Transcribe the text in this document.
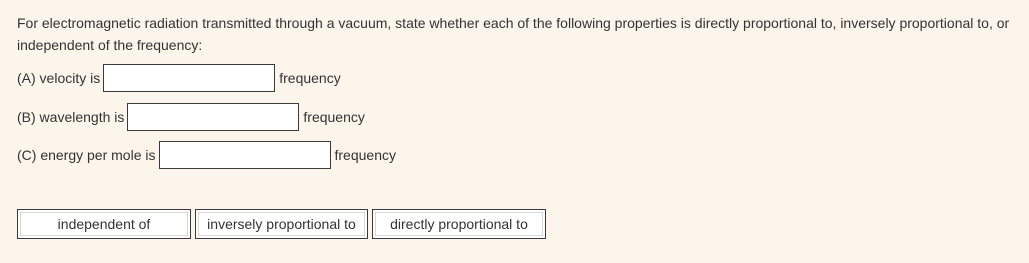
For electromagnetic radiation transmitted through a vacuum, state whether each of the following properties is directly proportional to, inversely proportional to, or independent of the frequency:

(A) velocity is	frequency
(B) wavelength is	frequency
(C) energy per mole is	frequency
independent of	inversely proportional to	directly proportional to
